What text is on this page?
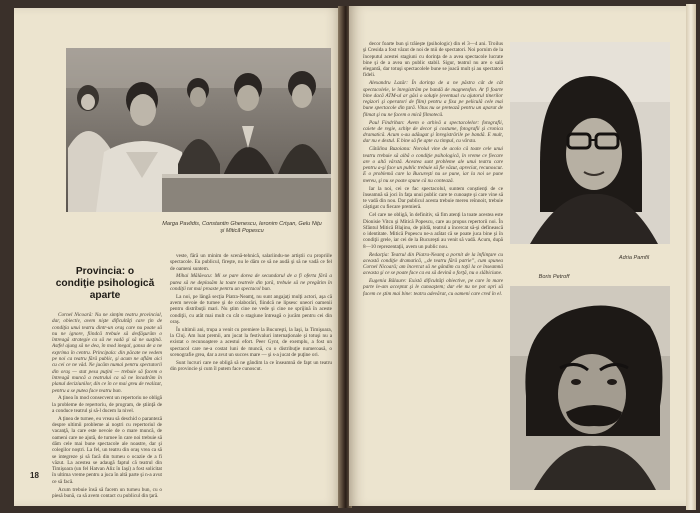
Marga Pavlidis, Constantin Ghenescu, Ieronim Crişan, Gelu Niţu
şi Mitică Popescu
Provincia: o condiţie psihologică aparte

Cornel Nicoară: Nu ne simţim teatru provincial, dar, obiectiv, avem nişte dificultăţi care ţin de condiţia unui teatru dintr-un oraş care nu poate să nu ne ignore, fiindcă trebuie să desfăşurăm o întreagă strategie ca să ne vadă şi să ne susţină. Astfel ajung să ne dea, în mod inegal, şansa de a ne exprima în centru. Principala: din păcate ne vedem pe noi ca teatru fără public, şi acum ne aflăm aici cu cei ce ne văd. Ne jucăm numai pentru spectatorii din oraş — stat pesa puţini — trebuie să facem o întreagă muncă a teatrului ca să ne încadrăm în planul deciziunilor, din ce în ce mai greu de realizat, pentru a se putea face teatru bun.

A ţinea în mod consecvent un repertoriu ne obligă la probleme de repertoriu, de program, de ştiinţă de a conduce teatrul şi să-l ducem la nivel.

A ţinea de turnee, eu vreau să deschid o paranteză despre ultimii probleme ai noştri cu repertoriul de vacanţă, la care este nevoie de o mare muncă, de oameni care ne ajută, de turnee în care noi trebuie să dăm cele mai bune spectacole ale noastre, dar şi colegilor noştri. La fel, un teatru din oraş vrea ca să se integreze şi să facă din turneu o ocazie de a fi văzut. La acestea se adaugă faptul că teatrul din Timişoara (un fel Hatvan Aliz în Iaşi) a fost solicitat în ultima vreme pentru a juca în altă parte şi n-a avut ce să facă.

Acum trebuie însă să facem un turneu bun, cu o piesă bună, ca să avem contact cu publicul din ţară.

veste, fără un minim de scenă-tehnică, salariindu-ne artiştii cu propriile spectacole. Eu publicul, fireşte, nu le dăm ce să ne audă şi să ne vadă ce fel de oameni suntem.

Mihai Mălăescu: Mi se pare dorea de secundarul de a fi oferta fără a putea să ne deplasăm la toate teatrele din ţară, trebuie să ne pregătim în condiţii tot mai proaste pentru un spectacol bun.

La noi, pe lângă secţia Piatra-Neamţ, nu sunt angajaţi mulţi actori, aşa că avem nevoie de turnee şi de colaborări, fiindcă ne lipsesc uneori oamenii pentru distribuţii mari. Nu ştim cine ne vede şi cine ne sprijină în aceste condiţii, cu atât mai mult cu cât o stagiune întreagă o jucăm pentru cei din oraş.

În ultimii ani, trupa a venit cu premiere la Bucureşti, la Iaşi, la Timişoara, la Cluj. Am luat premii, am jucat la festivaluri internaţionale şi totuşi nu a existat o recunoaştere a acestui efort. Peer Gynt, de exemplu, a fost un spectacol care ne-a costat luni de muncă, cu o distribuţie numeroasă, o scenografie grea, dar a avut un succes mare — şi s-a jucat de puţine ori.

Sunt lucruri care ne obligă să ne gândim la ce înseamnă de fapt un teatru din provincie şi cum îl putem face cunoscut.

18

decor foarte bun şi trăieşte (psihologic) din el 3—4 ani. Troilus şi Cresida a fost văzut de noi de mii de spectatori. Noi pornim de la începutul acestei stagiuni cu dorinţa de a avea spectacole lucrate bine şi de a avea un public stabil. Sigur, teatrul nu are o sală elegantă, dar totuşi spectacolele bune se joacă mult şi au spectatori fideli.

Alexandru Lazăr: În dorinţa de a ne păstra cât de cât spectacolele, le înregistrăm pe bandă de magnetofon. Ar fi foarte bine dacă ATM-ul ar găsi o soluţie (eventual cu ajutorul tinerilor regizori şi operatori de film) pentru a fixa pe peliculă cele mai bune spectacole din ţară. Vitus nu se pretează pentru un aparat de filmat şi nu ne facem o mică filmotecă.

Paul Findrihan: Avem o arhivă a spectacolelor: fotografii, caiete de regie, schiţe de decor şi costume, fotografii şi cronica dramatică. Acum s-au adăugat şi înregistrările pe bandă. E mult, dar nu e destul. E bine să fie apte cu timpul, cu vârsta.

Cătălina Buzoianu: Noroiul vine de acolo că toate cele unui teatru trebuie să aibă o condiţie psihologică, în vreme ce fiecare are o altă vârstă. Acestea sunt probleme ale unui teatru care pentru a-şi face un public trebuie să fie văzut, apreciat, recunoscut. E o problemă care la Bucureşti nu se pune, iar la noi se pune mereu, şi nu se poate spune că nu contează.

Iar la noi, cei ce fac spectacolul, suntem conştienţi de ce înseamnă să joci în faţa unui public care te cunoaşte şi care vine să te vadă din nou. Dar publicul acesta trebuie mereu reînnoit, trebuie câştigat cu fiecare premieră.

Cel care ne obligă, în definitiv, să fim atenţi la toate acestea este Dionisie Vitcu şi Mitică Popescu, care au propus repertorii noi. În Sfântul Mitică Blajinu, de pildă, teatrul a încercat să-şi definească o identitate. Mitică Popescu ne-a arătat că se poate juca bine şi în condiţii grele, iar cei de la Bucureşti au venit să vadă. Acum, după 8—10 reprezentaţii, avem un public nou.

Redacţia: Teatrul din Piatra-Neamţ a pornit de la înfiinţare cu această condiţie dramatică, „de teatru fără patrie”, cum spunea Cornel Nicoară; am încercat să ne gândim cu toţii la ce înseamnă aceasta şi ce se poate face ca ea să devină o forţă, nu o slăbiciune.

Eugenia Bălaure: Există dificultăţi obiective, pe care în mare parte le-am acceptat şi le cunoaştem; dar ele nu ne pot opri să facem ce ştim mai bine: teatru adevărat, cu oameni care cred în el.

Adria Pamfil
Boris Petroff
